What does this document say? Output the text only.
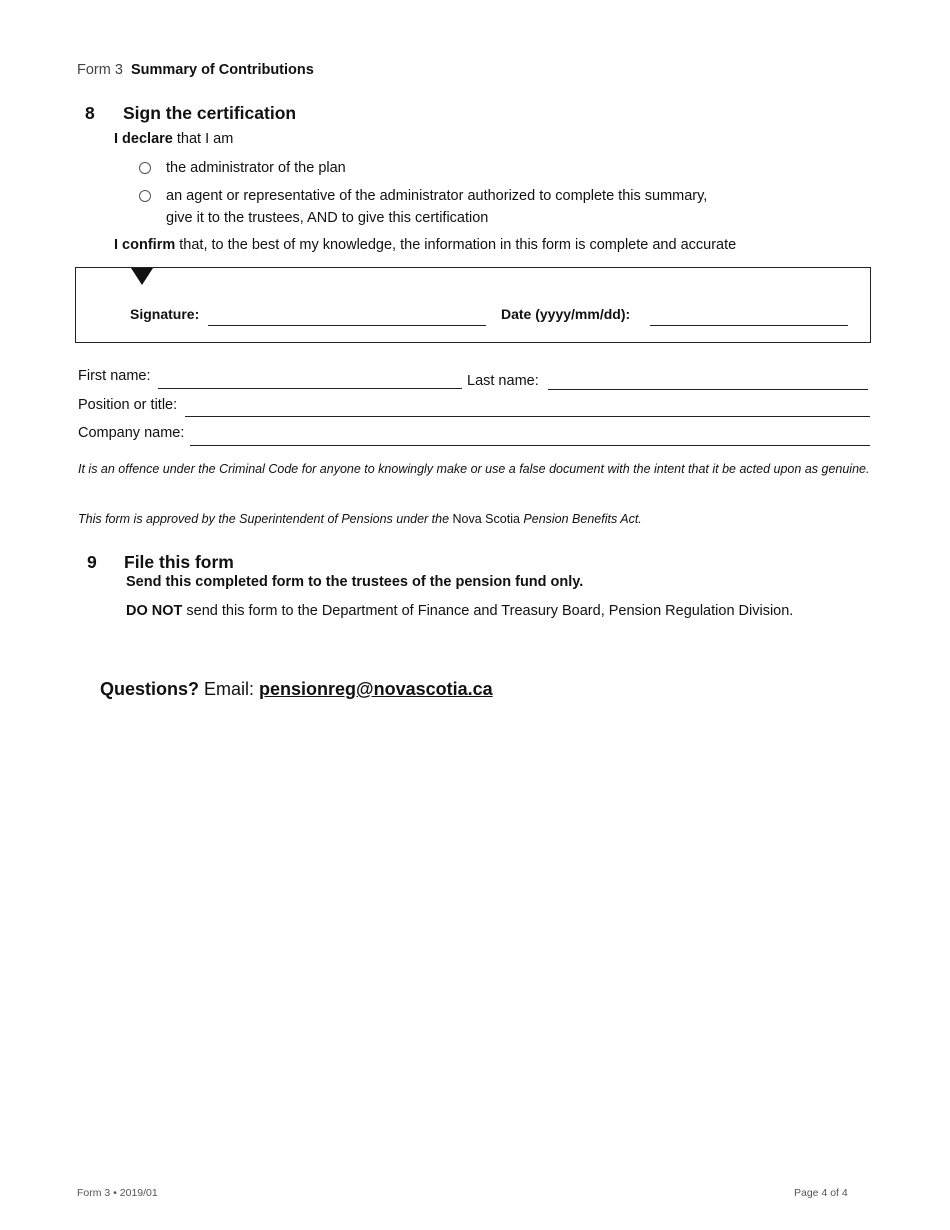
Form 3 Summary of Contributions
8 Sign the certification
I declare that I am
the administrator of the plan
an agent or representative of the administrator authorized to complete this summary,
give it to the trustees, AND to give this certification
I confirm that, to the best of my knowledge, the information in this form is complete and accurate
Signature:	Date (yyyy/mm/dd):
First name:	Last name:
Position or title:
Company name:
It is an offence under the Criminal Code for anyone to knowingly make or use a false document with the intent that it be acted upon as genuine.
This form is approved by the Superintendent of Pensions under the Nova Scotia Pension Benefits Act.
9 File this form
Send this completed form to the trustees of the pension fund only.
DO NOT send this form to the Department of Finance and Treasury Board, Pension Regulation Division.
Questions? Email: pensionreg@novascotia.ca
Form 3 • 2019/01	Page 4 of 4
